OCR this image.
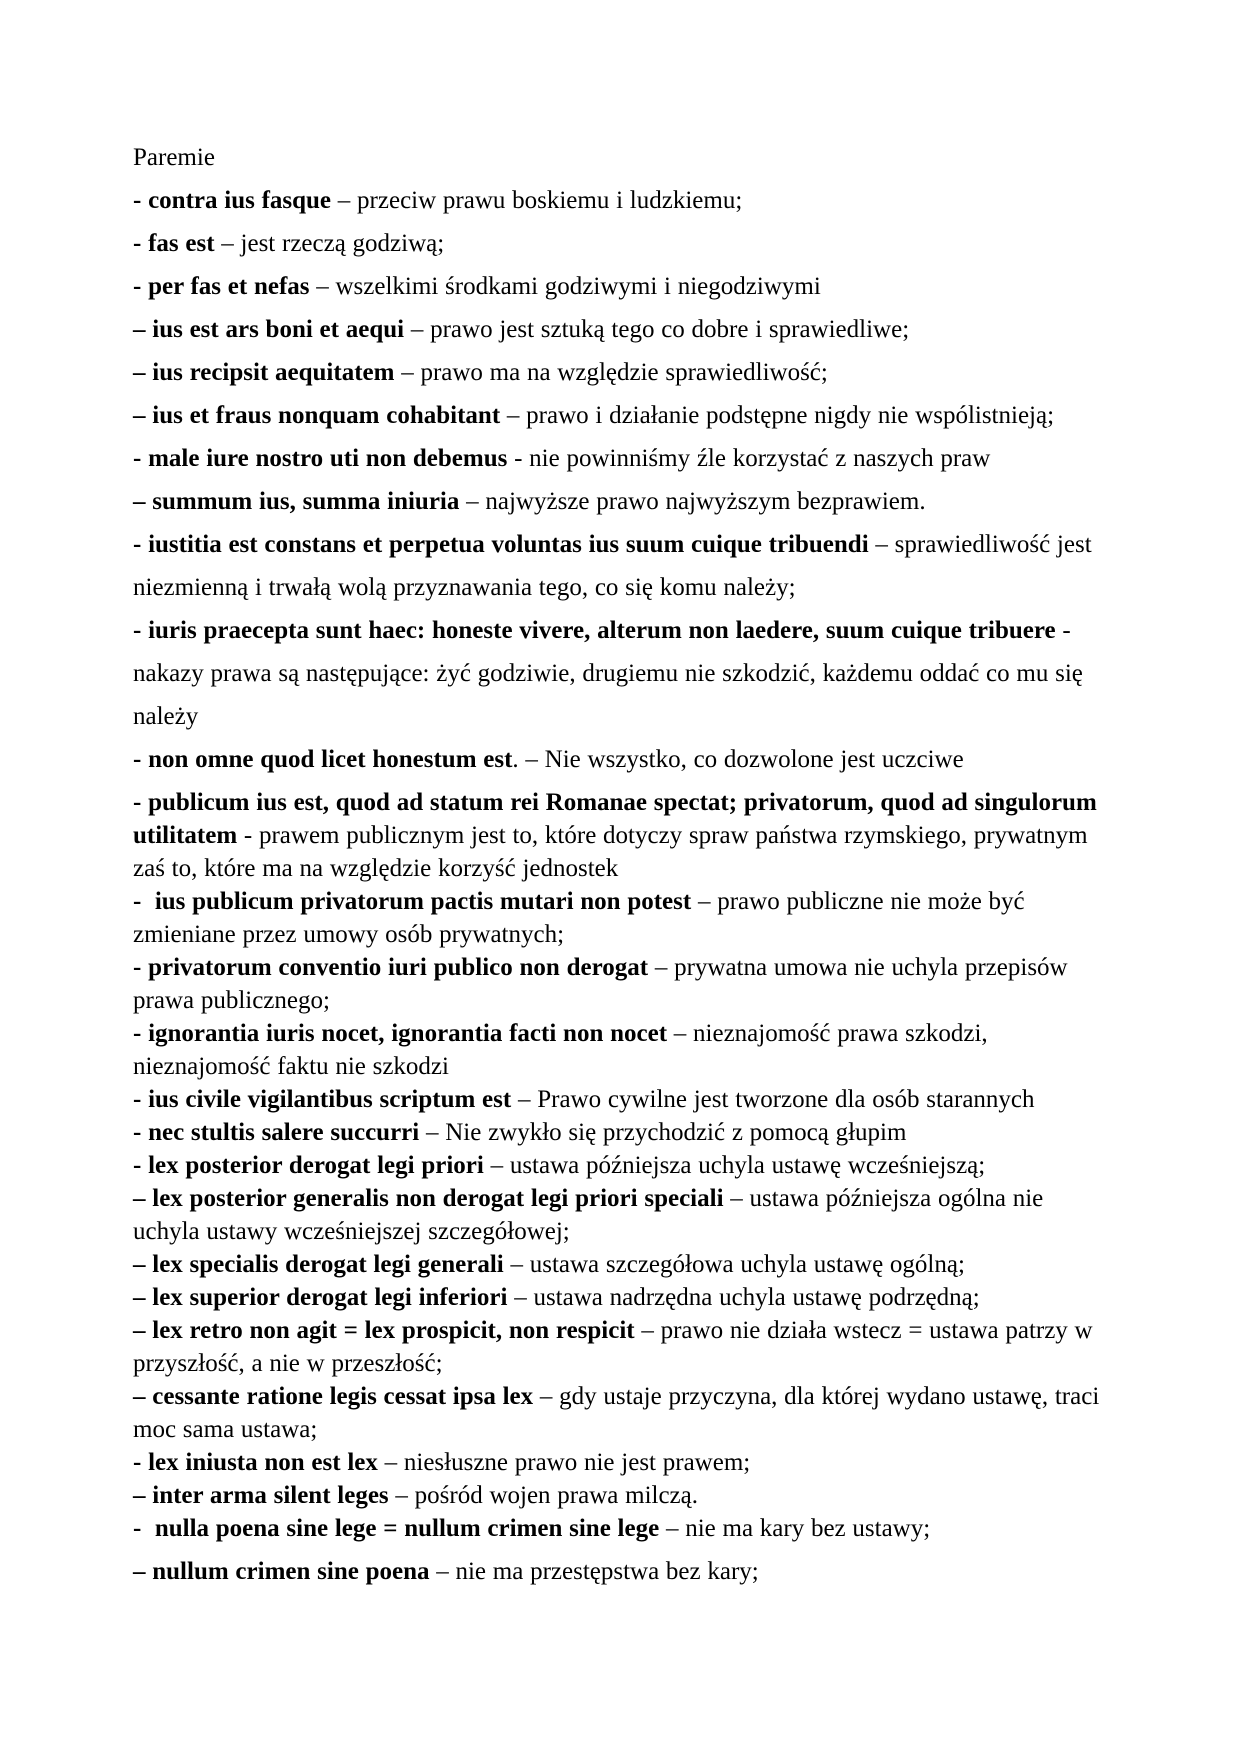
Paremie

- contra ius fasque – przeciw prawu boskiemu i ludzkiemu;

- fas est – jest rzeczą godziwą;

- per fas et nefas – wszelkimi środkami godziwymi i niegodziwymi

– ius est ars boni et aequi – prawo jest sztuką tego co dobre i sprawiedliwe;

– ius recipsit aequitatem – prawo ma na względzie sprawiedliwość;

– ius et fraus nonquam cohabitant – prawo i działanie podstępne nigdy nie wspólistnieją;

- male iure nostro uti non debemus - nie powinniśmy źle korzystać z naszych praw

– summum ius, summa iniuria – najwyższe prawo najwyższym bezprawiem.

- iustitia est constans et perpetua voluntas ius suum cuique tribuendi – sprawiedliwość jest niezmienną i trwałą wolą przyznawania tego, co się komu należy;

- iuris praecepta sunt haec: honeste vivere, alterum non laedere, suum cuique tribuere - nakazy prawa są następujące: żyć godziwie, drugiemu nie szkodzić, każdemu oddać co mu się należy

- non omne quod licet honestum est. – Nie wszystko, co dozwolone jest uczciwe

- publicum ius est, quod ad statum rei Romanae spectat; privatorum, quod ad singulorum utilitatem - prawem publicznym jest to, które dotyczy spraw państwa rzymskiego, prywatnym zaś to, które ma na względzie korzyść jednostek

-  ius publicum privatorum pactis mutari non potest – prawo publiczne nie może być zmieniane przez umowy osób prywatnych;

- privatorum conventio iuri publico non derogat – prywatna umowa nie uchyla przepisów prawa publicznego;

- ignorantia iuris nocet, ignorantia facti non nocet – nieznajomość prawa szkodzi, nieznajomość faktu nie szkodzi

- ius civile vigilantibus scriptum est – Prawo cywilne jest tworzone dla osób starannych

- nec stultis salere succurri – Nie zwykło się przychodzić z pomocą głupim

- lex posterior derogat legi priori – ustawa późniejsza uchyla ustawę wcześniejszą;

– lex posterior generalis non derogat legi priori speciali – ustawa późniejsza ogólna nie uchyla ustawy wcześniejszej szczegółowej;

– lex specialis derogat legi generali – ustawa szczegółowa uchyla ustawę ogólną;

– lex superior derogat legi inferiori – ustawa nadrzędna uchyla ustawę podrzędną;

– lex retro non agit = lex prospicit, non respicit – prawo nie działa wstecz = ustawa patrzy w przyszłość, a nie w przeszłość;

– cessante ratione legis cessat ipsa lex – gdy ustaje przyczyna, dla której wydano ustawę, traci moc sama ustawa;

- lex iniusta non est lex – niesłuszne prawo nie jest prawem;

– inter arma silent leges – pośród wojen prawa milczą.

-  nulla poena sine lege = nullum crimen sine lege – nie ma kary bez ustawy;

– nullum crimen sine poena – nie ma przestępstwa bez kary;
